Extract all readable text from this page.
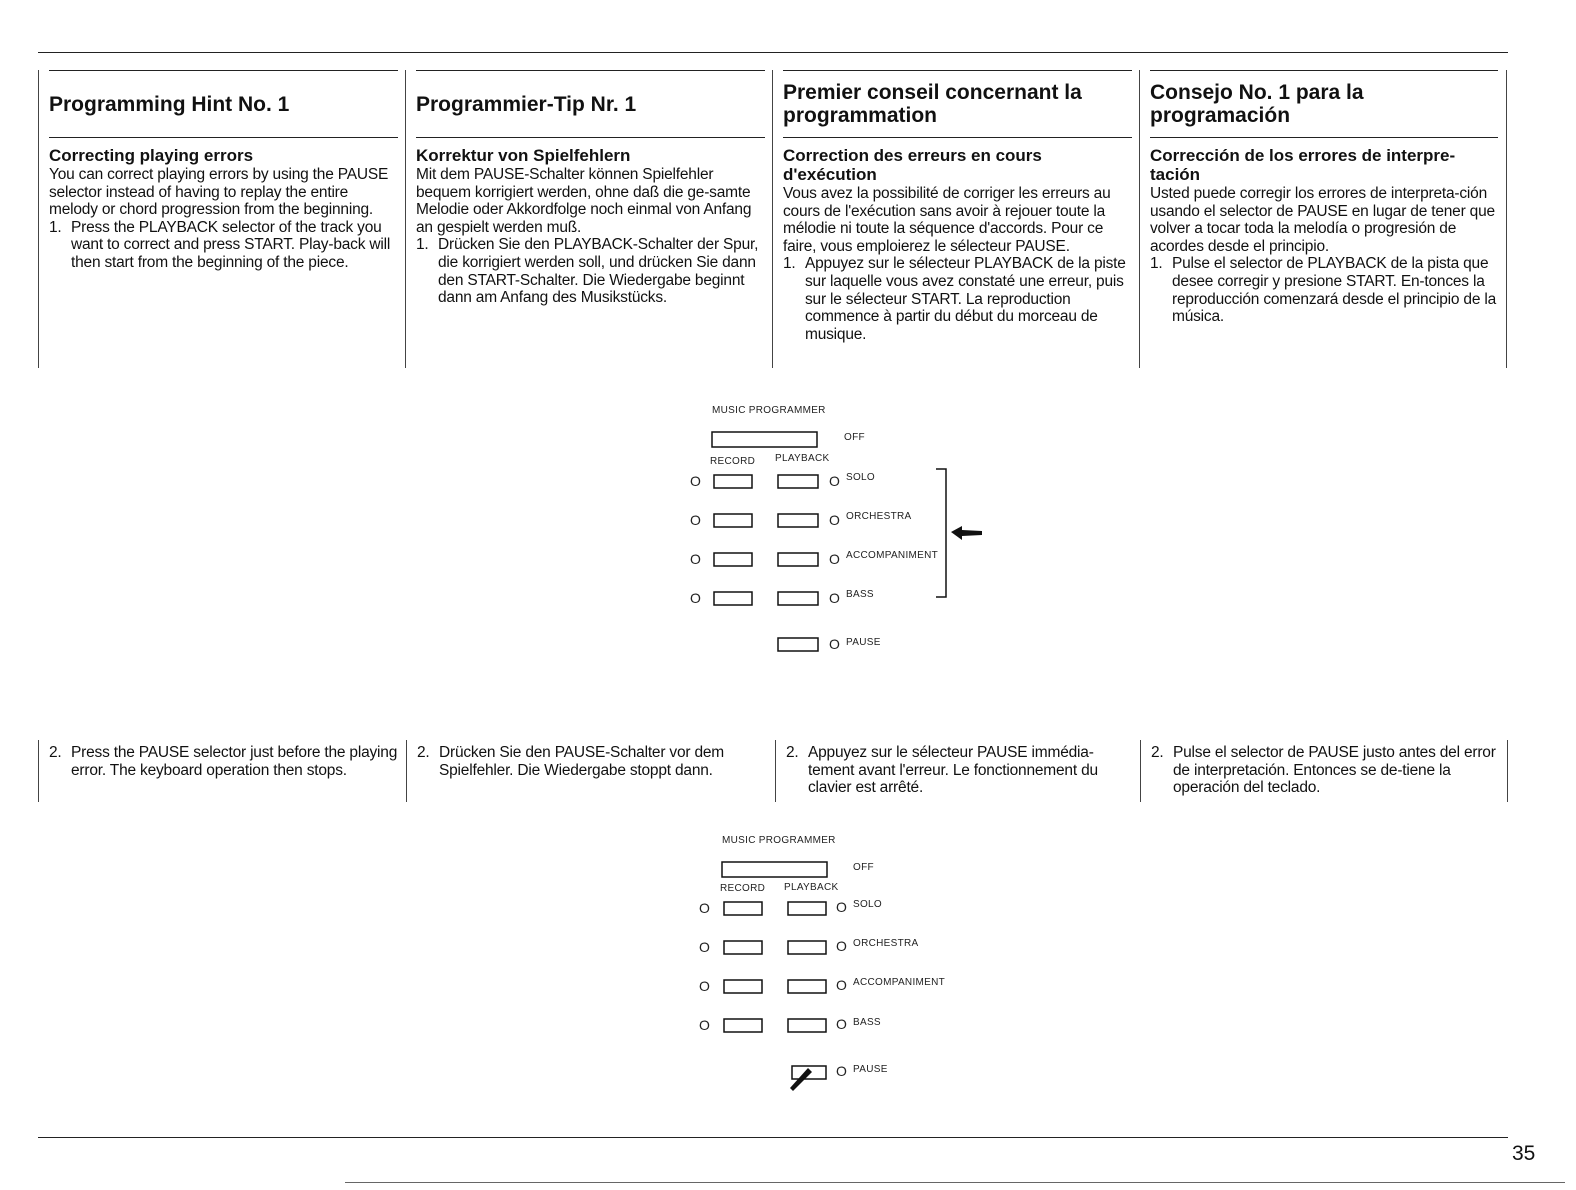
Programming Hint No. 1
Correcting playing errors

You can correct playing errors by using the PAUSE selector instead of having to replay the entire melody or chord progression from the beginning.

1. Press the PLAYBACK selector of the track you want to correct and press START. Play-back will then start from the beginning of the piece.
Programmier-Tip Nr. 1
Korrektur von Spielfehlern

Mit dem PAUSE-Schalter können Spielfehler bequem korrigiert werden, ohne daß die ge-samte Melodie oder Akkordfolge noch einmal von Anfang an gespielt werden muß.

1. Drücken Sie den PLAYBACK-Schalter der Spur, die korrigiert werden soll, und drücken Sie dann den START-Schalter. Die Wiedergabe beginnt dann am Anfang des Musikstücks.
Premier conseil concernant la programmation
Correction des erreurs en cours d'exécution

Vous avez la possibilité de corriger les erreurs au cours de l'exécution sans avoir à rejouer toute la mélodie ni toute la séquence d'accords. Pour ce faire, vous emploierez le sélecteur PAUSE.

1. Appuyez sur le sélecteur PLAYBACK de la piste sur laquelle vous avez constaté une erreur, puis sur le sélecteur START. La reproduction commence à partir du début du morceau de musique.
Consejo No. 1 para la programación
Corrección de los errores de interpre-tación

Usted puede corregir los errores de interpreta-ción usando el selector de PAUSE en lugar de tener que volver a tocar toda la melodía o progresión de acordes desde el principio.

1. Pulse el selector de PLAYBACK de la pista que desee corregir y presione START. En-tonces la reproducción comenzará desde el principio de la música.
MUSIC PROGRAMMER
OFF
RECORD PLAYBACK
O	O SOLO
O	O ORCHESTRA
O	O ACCOMPANIMENT
O	O BASS
O PAUSE
2. Press the PAUSE selector just before the playing error. The keyboard operation then stops.
2. Drücken Sie den PAUSE-Schalter vor dem Spielfehler. Die Wiedergabe stoppt dann.
2. Appuyez sur le sélecteur PAUSE immédia-tement avant l'erreur. Le fonctionnement du clavier est arrêté.
2. Pulse el selector de PAUSE justo antes del error de interpretación. Entonces se de-tiene la operación del teclado.
MUSIC PROGRAMMER
OFF
RECORD PLAYBACK
O	O SOLO
O	O ORCHESTRA
O	O ACCOMPANIMENT
O	O BASS
O PAUSE
35
